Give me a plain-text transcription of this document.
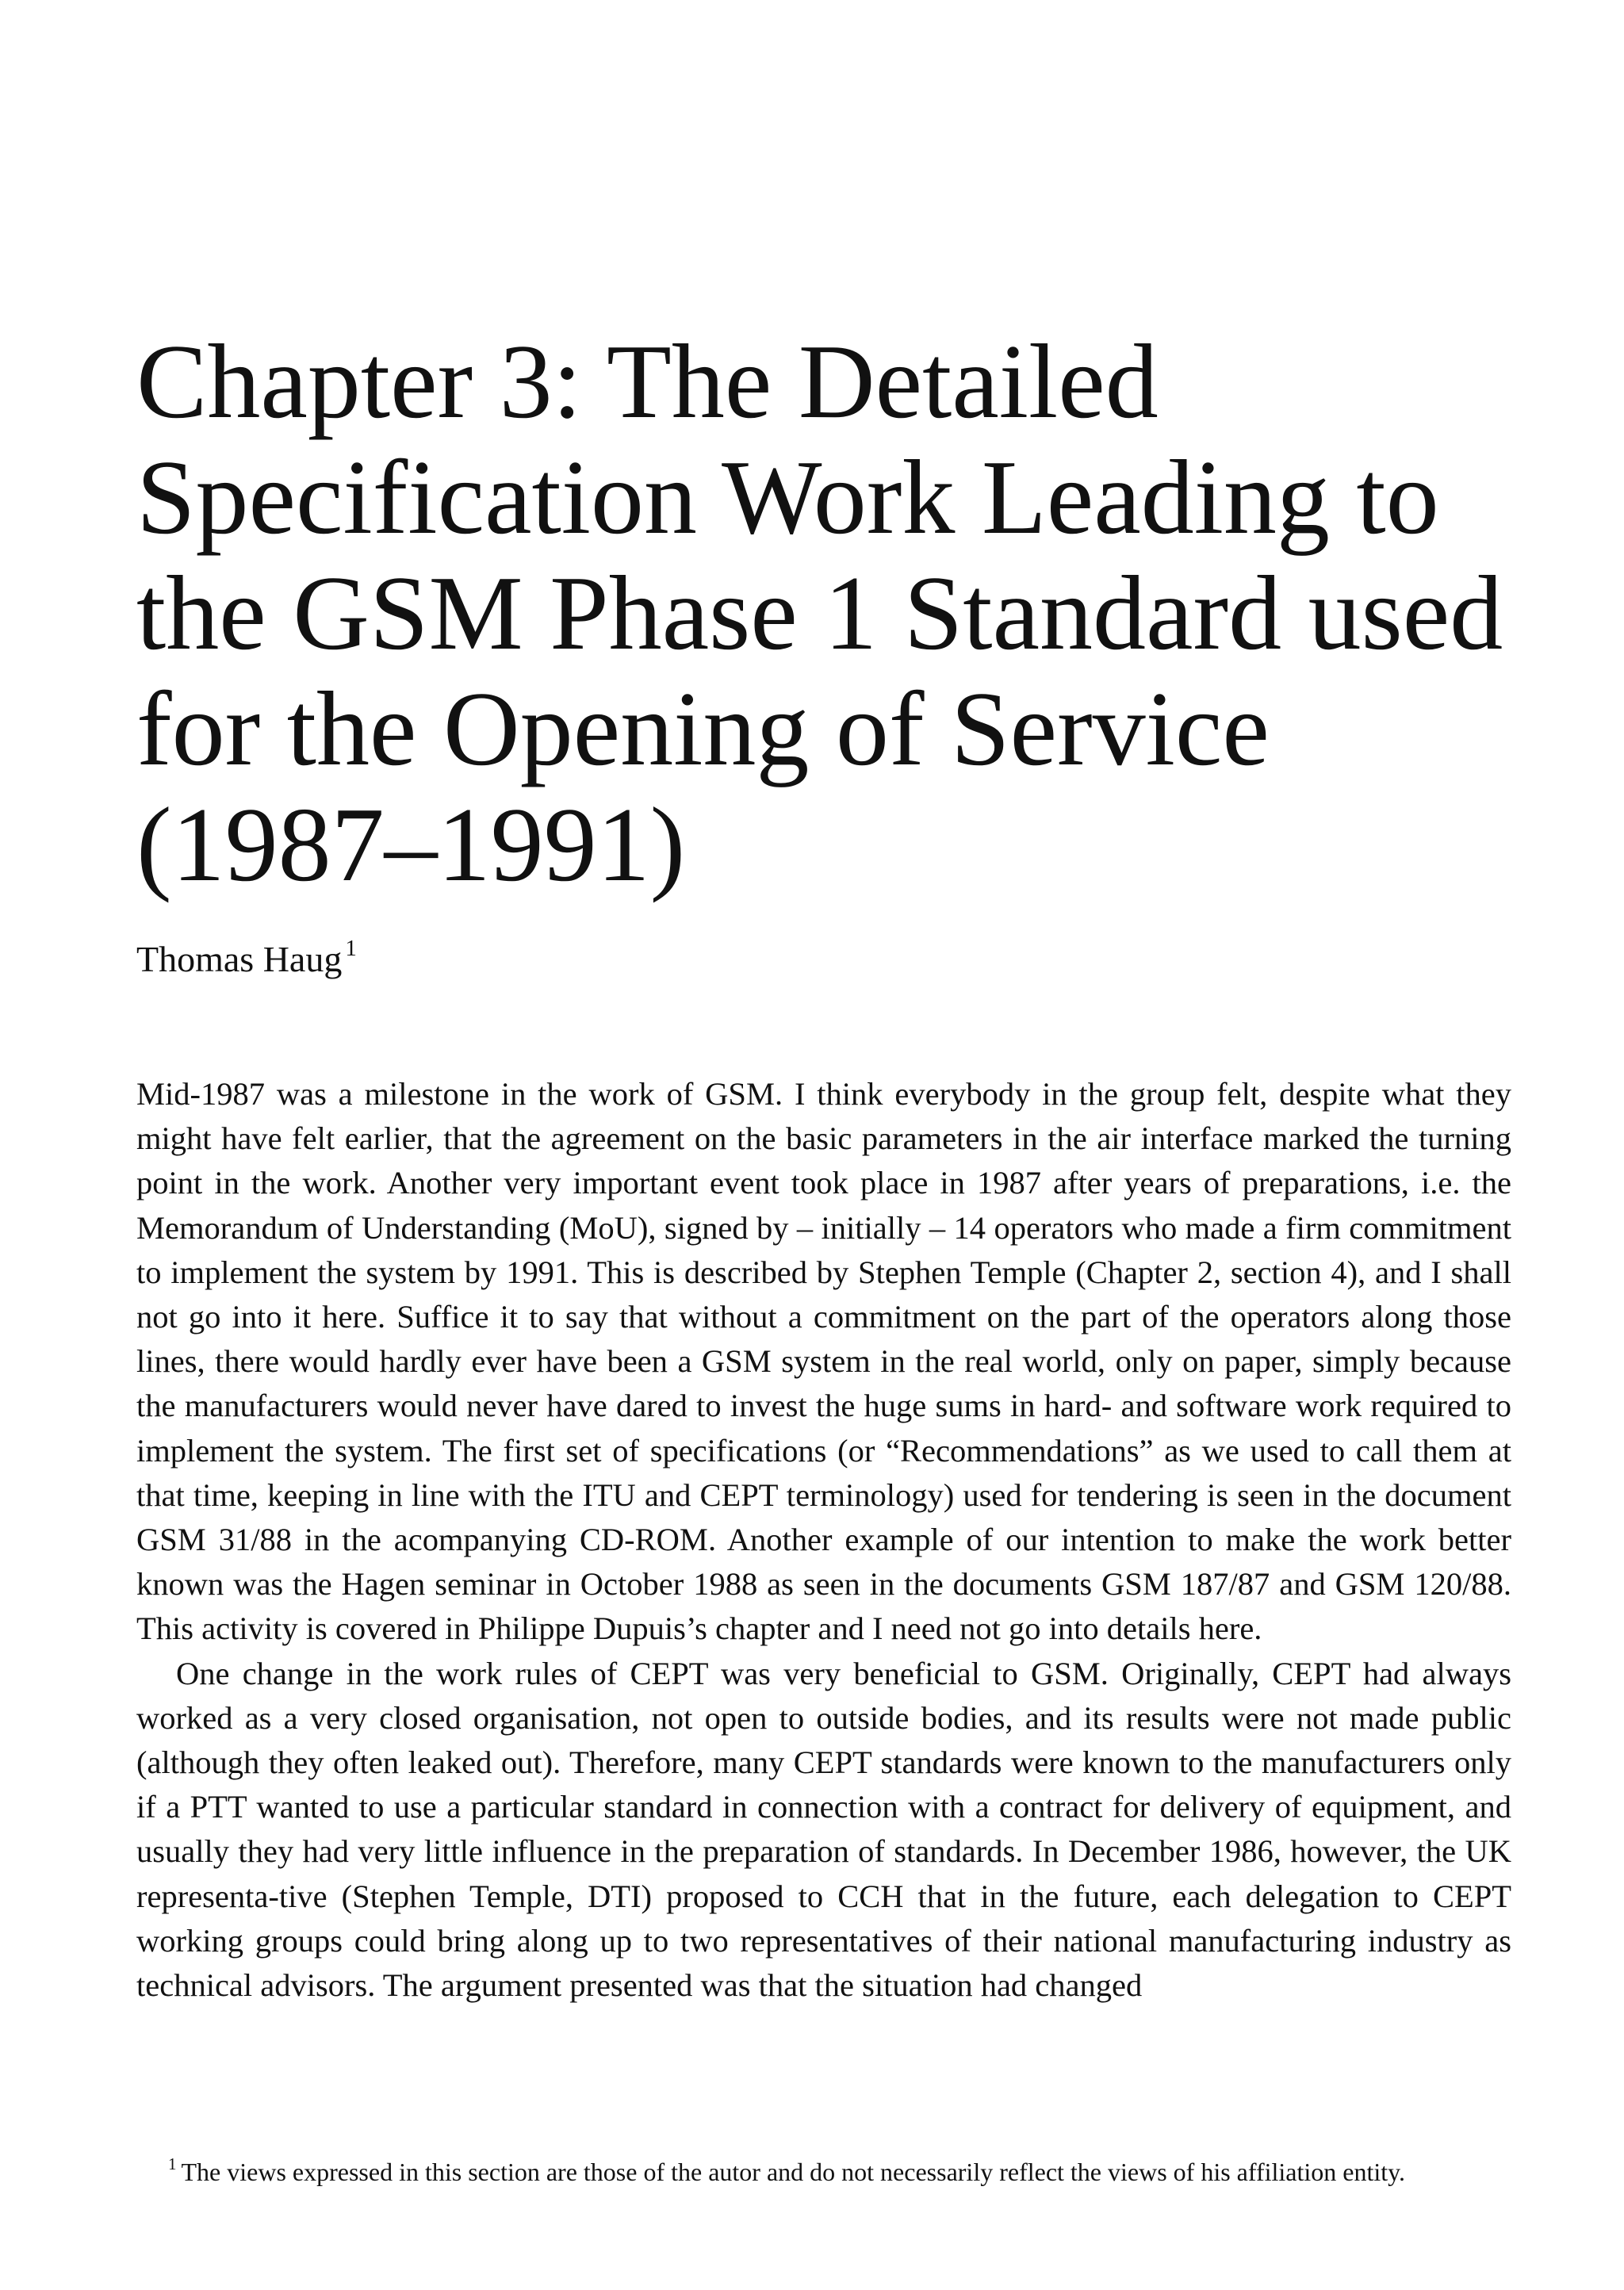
Chapter 3: The Detailed
Specification Work Leading to
the GSM Phase 1 Standard used
for the Opening of Service
(1987–1991)
Thomas Haug $^1$

Mid-1987 was a milestone in the work of GSM. I think everybody in the group felt, despite what they might have felt earlier, that the agreement on the basic parameters in the air interface marked the turning point in the work. Another very important event took place in 1987 after years of preparations, i.e. the Memorandum of Understanding (MoU), signed by – initially – 14 operators who made a firm commitment to implement the system by 1991. This is described by Stephen Temple (Chapter 2, section 4), and I shall not go into it here. Suffice it to say that without a commitment on the part of the operators along those lines, there would hardly ever have been a GSM system in the real world, only on paper, simply because the manufacturers would never have dared to invest the huge sums in hard- and software work required to implement the system. The first set of specifications (or “Recommendations” as we used to call them at that time, keeping in line with the ITU and CEPT terminology) used for tendering is seen in the document GSM 31/88 in the acompanying CD-ROM. Another example of our intention to make the work better known was the Hagen seminar in October 1988 as seen in the documents GSM 187/87 and GSM 120/88. This activity is covered in Philippe Dupuis’s chapter and I need not go into details here.

One change in the work rules of CEPT was very beneficial to GSM. Originally, CEPT had always worked as a very closed organisation, not open to outside bodies, and its results were not made public (although they often leaked out). Therefore, many CEPT standards were known to the manufacturers only if a PTT wanted to use a particular standard in connection with a contract for delivery of equipment, and usually they had very little influence in the preparation of standards. In December 1986, however, the UK representa-tive (Stephen Temple, DTI) proposed to CCH that in the future, each delegation to CEPT working groups could bring along up to two representatives of their national manufacturing industry as technical advisors. The argument presented was that the situation had changed

$^1$ The views expressed in this section are those of the autor and do not necessarily reflect the views of his affiliation entity.
